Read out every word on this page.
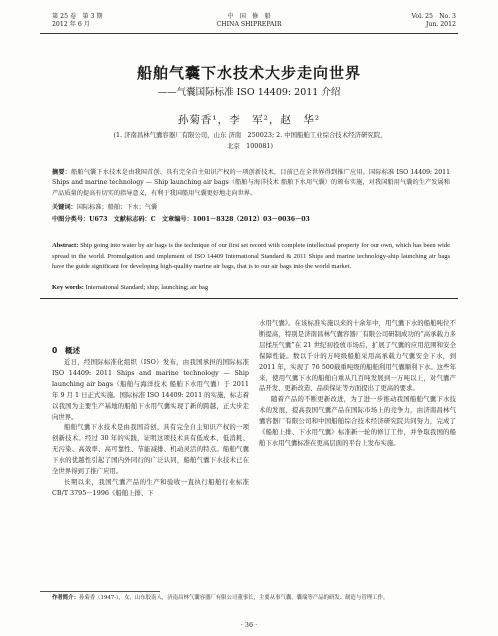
第 25 卷　第 3 期
2012 年 6 月
中　国　修　船
CHINA SHIPREPAIR
Vol. 25　No. 3
Jun. 2012
船舶气囊下水技术大步走向世界
——气囊国际标准 ISO 14409: 2011 介绍
孙菊香¹，李　军²，赵　华²
(1. 济南昌林气囊容器厂有限公司，山东 济南　250023; 2. 中国船舶工业综合技术经济研究院，
北京　100081)
摘要：船舶气囊下水技术是由我国首创、具有完全自主知识产权的一项创新技术，目前已在全世界得到推广应用。国际标准 ISO 14409: 2011 Ships and marine technology — Ship launching air bags（船舶与海洋技术 船舶下水用气囊）的颁布实施，对我国船用气囊的生产发展和产品质量的提高有切实的指导意义，有利于我国船用气囊更好地走向世界。
关键词：国际标准；船舶；下水；气囊
中图分类号：U673　文献标志码：C　文章编号：1001－8328（2012）03－0036－03
Abstract: Ship going into water by air bags is the technique of our first set record with complete intellectual property for our own, which has been wide spread in the world. Promulgation and implement of ISO 14409 International Standard & 2011 Ships and marine technology-ship launching air bags have the guide significant for developing high-quality marine air bags, that is to our air bags into the world market.
Key words: International Standard; ship; launching; air bag
0　概述

近日，经国际标准化组织（ISO）发布，由我国承担的国际标准 ISO 14409: 2011 Ships and marine technology — Ship launching air bags（船舶与海洋技术 船舶下水用气囊）于 2011 年 9 月 1 日正式实施。国际标准 ISO 14409: 2011 的实施，标志着以我国为主要生产基地的船舶下水用气囊实现了新的跨越，正大步走向世界。

船舶气囊下水技术是由我国首创、具有完全自主知识产权的一项创新技术。经过 30 年的实践，证明这项技术具有低成本、低消耗、无污染、高效率、高可靠性、节能减排、机动灵活的特点。船舶气囊下水的优越性引起了国内外同行的广泛认同，船舶气囊下水技术已在全世界得到了推广应用。

长期以来，我国气囊产品的生产和验收一直执行船舶行业标准 CB/T 3795－1996《船舶上排、下

水用气囊》。在该标准实施以来的十余年中，用气囊下水的船舶吨位不断提高，特别是济南昌林气囊容器厂有限公司研制成功的“高承载力多层揉压气囊”在 21 世纪初投放市场后，扩展了气囊的应用范围和安全保障性能。数以千计的万吨级船舶采用高承载力气囊安全下水，到 2011 年，实现了 76 500载重吨级的船舶利用气囊顺利下水。这些年来，使用气囊下水的船舶自重从几百吨发展到一万吨以上，对气囊产品开发、更新改造、品质保证等方面提出了更高的要求。

随着产品的不断更新改进，为了进一步推动我国船舶气囊下水技术的发展，提高我国气囊产品在国际市场上的竞争力，由济南昌林气囊容器厂有限公司和中国船舶综合技术经济研究院共同努力，完成了《船舶上排、下水用气囊》标准新一轮的修订工作，并争取我国的船舶下水用气囊标准在更高层面的平台上发布实施。

作者简介：孙菊香（1947-），女，山东胶南人，济南昌林气囊容器厂有限公司董事长，主要从事气囊、囊端等产品的研发、制造与管理工作。
· 36 ·
